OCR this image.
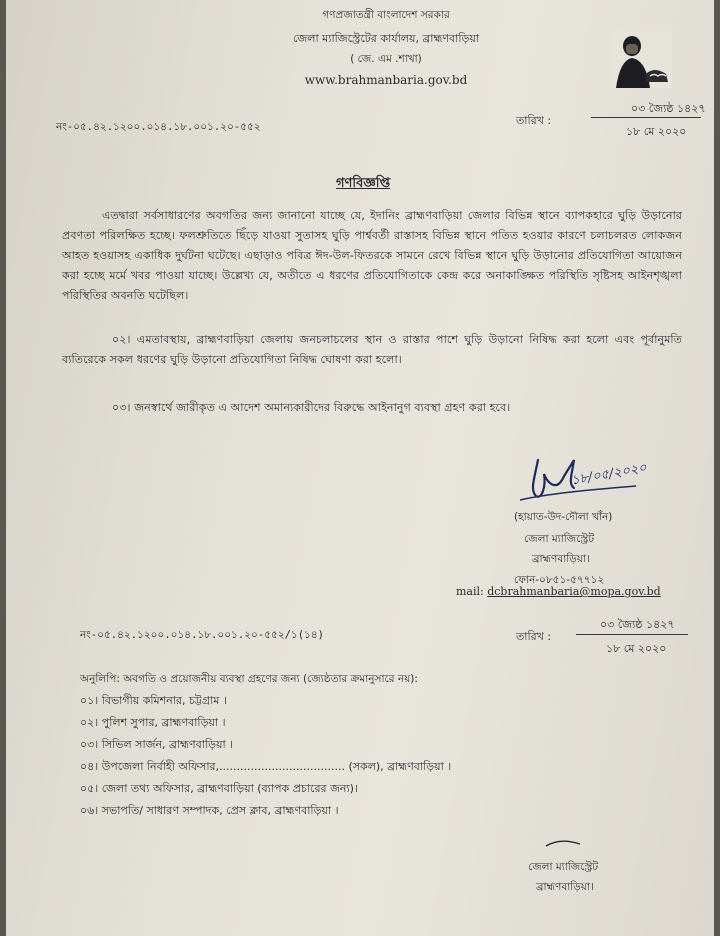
গণপ্রজাতন্ত্রী বাংলাদেশ সরকার
জেলা ম্যাজিস্ট্রেটের কার্যালয়, ব্রাহ্মণবাড়িয়া
( জে. এম .শাখা)
www.brahmanbaria.gov.bd
নং-০৫.৪২.১২০০.০১৪.১৮.০০১.২০-৫৫২	তারিখ :
০৩ জ্যৈষ্ঠ ১৪২৭
১৮ মে ২০২০
গণবিজ্ঞপ্তি
এতদ্বারা সর্বসাধারণের অবগতির জন্য জানানো যাচ্ছে যে, ইদানিং ব্রাহ্মণবাড়িয়া জেলার বিভিন্ন স্থানে ব্যাপকহারে ঘুড়ি উড়ানোর প্রবণতা পরিলক্ষিত হচ্ছে। ফলশ্রুতিতে ছিঁড়ে যাওয়া সুতাসহ ঘুড়ি পার্শ্ববর্তী রাস্তাসহ বিভিন্ন স্থানে পতিত হওয়ার কারণে চলাচলরত লোকজন আহত হওয়াসহ একাধিক দুর্ঘটনা ঘটেছে। এছাড়াও পবিত্র ঈদ-উল-ফিতরকে সামনে রেখে বিভিন্ন স্থানে ঘুড়ি উড়ানোর প্রতিযোগিতা আয়োজন করা হচ্ছে মর্মে খবর পাওয়া যাচ্ছে। উল্লেখ্য যে, অতীতে এ ধরণের প্রতিযোগিতাকে কেন্দ্র করে অনাকাঙ্ক্ষিত পরিস্থিতি সৃষ্টিসহ আইনশৃঙ্খলা পরিস্থিতির অবনতি ঘটেছিল।
০২। এমতাবস্থায়, ব্রাহ্মণবাড়িয়া জেলায় জনচলাচলের স্থান ও রাস্তার পাশে ঘুড়ি উড়ানো নিষিদ্ধ করা হলো এবং পূর্বানুমতি ব্যতিরেকে সকল ধরণের ঘুড়ি উড়ানো প্রতিযোগিতা নিষিদ্ধ ঘোষণা করা হলো।
০৩। জনস্বার্থে জারীকৃত এ আদেশ অমান্যকারীদের বিরুদ্ধে আইনানুগ ব্যবস্থা গ্রহণ করা হবে।
১৮/০৫/২০২০
(হায়াত-উদ-দৌলা খাঁন)
জেলা ম্যাজিস্ট্রেট
ব্রাহ্মণবাড়িয়া।
ফোন-০৮৫১-৫৭৭১২
mail: dcbrahmanbaria@mopa.gov.bd
নং-০৫.৪২.১২০০.০১৪.১৮.০০১.২০-৫৫২/১(১৪)	তারিখ :
০৩ জ্যৈষ্ঠ ১৪২৭
১৮ মে ২০২০
অনুলিপি: অবগতি ও প্রয়োজনীয় ব্যবস্থা গ্রহণের জন্য (জ্যেষ্ঠতার ক্রমানুসারে নয়):
০১। বিভাগীয় কমিশনার, চট্টগ্রাম ।
০২। পুলিশ সুপার, ব্রাহ্মণবাড়িয়া ।
০৩। সিভিল সার্জন, ব্রাহ্মণবাড়িয়া ।
০৪। উপজেলা নির্বাহী অফিসার,.................................... (সকল), ব্রাহ্মণবাড়িয়া ।
০৫। জেলা তথ্য অফিসার, ব্রাহ্মণবাড়িয়া (ব্যাপক প্রচারের জন্য)।
০৬। সভাপতি/ সাধারণ সম্পাদক, প্রেস ক্লাব, ব্রাহ্মণবাড়িয়া ।
জেলা ম্যাজিস্ট্রেট
ব্রাহ্মণবাড়িয়া।
